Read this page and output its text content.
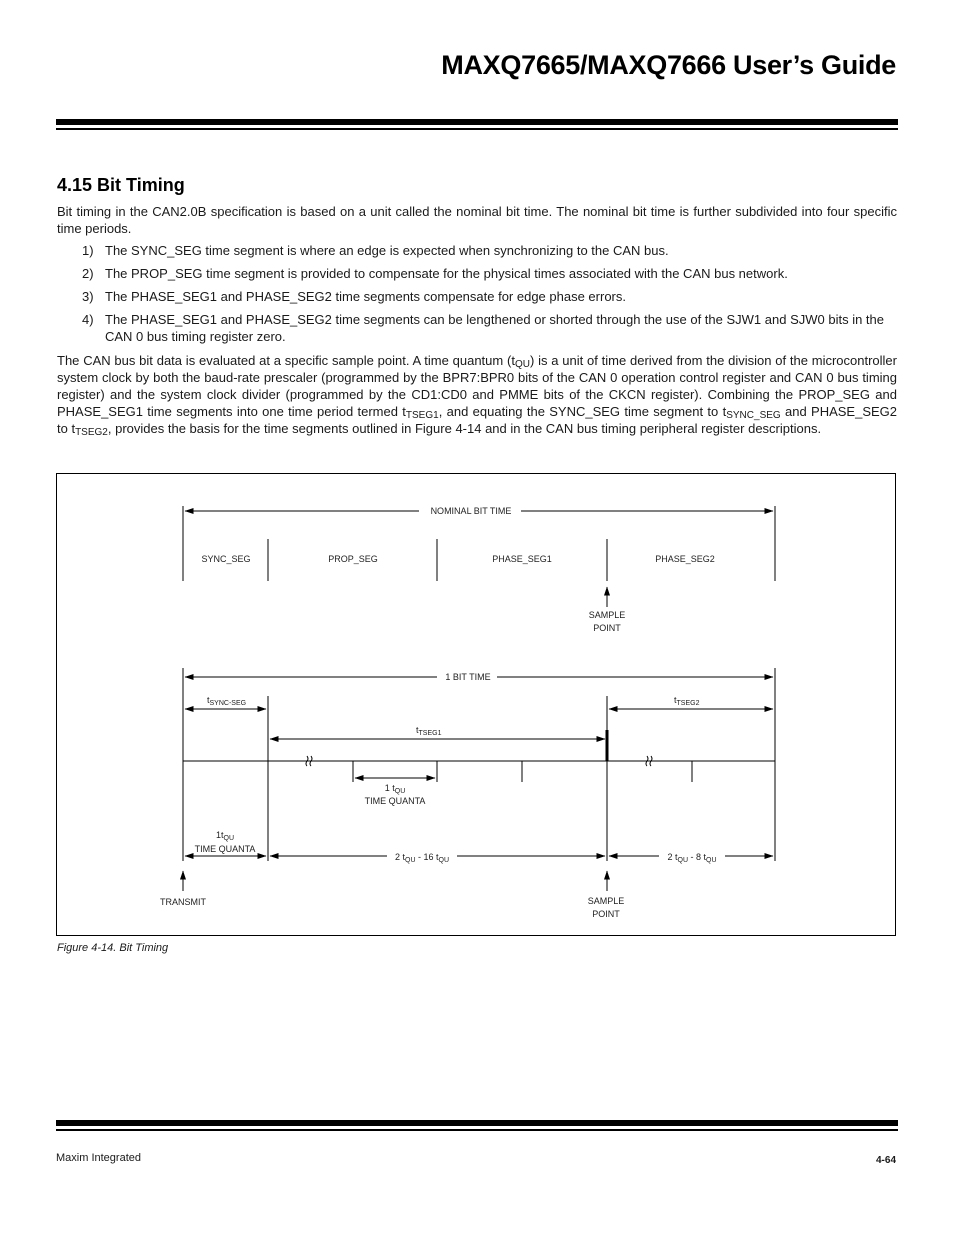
MAXQ7665/MAXQ7666 User’s Guide
4.15 Bit Timing

Bit timing in the CAN2.0B specification is based on a unit called the nominal bit time. The nominal bit time is further subdivided into four specific time periods.

1) The SYNC_SEG time segment is where an edge is expected when synchronizing to the CAN bus.
2) The PROP_SEG time segment is provided to compensate for the physical times associated with the CAN bus network.
3) The PHASE_SEG1 and PHASE_SEG2 time segments compensate for edge phase errors.
4) The PHASE_SEG1 and PHASE_SEG2 time segments can be lengthened or shorted through the use of the SJW1 and SJW0 bits in the CAN 0 bus timing register zero.

The CAN bus bit data is evaluated at a specific sample point. A time quantum $(t_{QU})$ is a unit of time derived from the division of the microcontroller system clock by both the baud-rate prescaler (programmed by the BPR7:BPR0 bits of the CAN 0 operation control register and CAN 0 bus timing register) and the system clock divider (programmed by the CD1:CD0 and PMME bits of the CKCN register). Combining the PROP_SEG and PHASE_SEG1 time segments into one time period termed $t_{TSEG1}$, and equating the SYNC_SEG time segment to $t_{SYNC\_SEG}$ and PHASE_SEG2 to $t_{TSEG2}$, provides the basis for the time segments outlined in Figure 4-14 and in the CAN bus timing peripheral register descriptions.

NOMINAL BIT TIME
SYNC_SEG	PROP_SEG	PHASE_SEG1	PHASE_SEG2
SAMPLE
POINT
1 BIT TIME
$t_{SYNC-SEG}$	$t_{TSEG2}$
$t_{TSEG1}$
1 $t_{QU}$
TIME QUANTA
$1t_{QU}$
TIME QUANTA
2 $t_{QU} - 16$ $t_{QU}$	2 $t_{QU} - 8$ $t_{QU}$
TRANSMIT	SAMPLE
POINT

Figure 4-14. Bit Timing

Maxim Integrated	4-64
